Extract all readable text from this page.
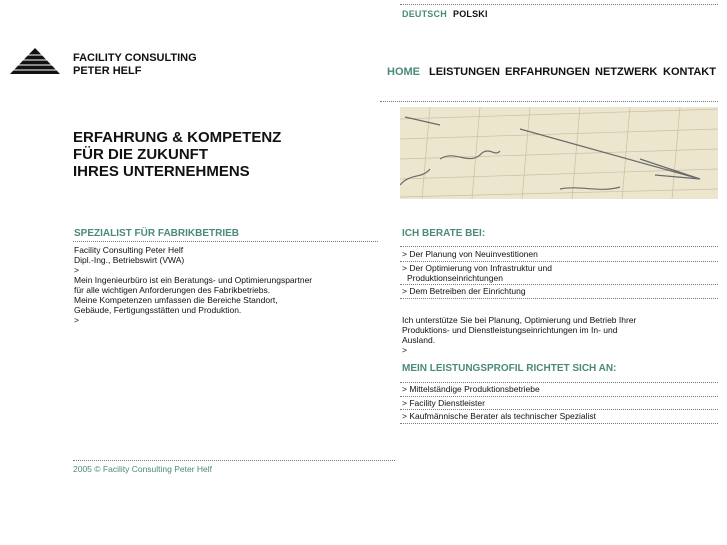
DEUTSCH POLSKI
FACILITY CONSULTING
PETER HELF	HOME LEISTUNGEN ERFAHRUNGEN NETZWERK KONTAKT
ERFAHRUNG & KOMPETENZ
FÜR DIE ZUKUNFT
IHRES UNTERNEHMENS
SPEZIALIST FÜR FABRIKBETRIEB
Facility Consulting Peter Helf
Dipl.-Ing., Betriebswirt (VWA)
>
Mein Ingenieurbüro ist ein Beratungs- und Optimierungspartner
für alle wichtigen Anforderungen des Fabrikbetriebs.
Meine Kompetenzen umfassen die Bereiche Standort,
Gebäude, Fertigungsstätten und Produktion.
>
ICH BERATE BEI:
> Der Planung von Neuinvestitionen
> Der Optimierung von Infrastruktur und
Produktionseinrichtungen
> Dem Betreiben der Einrichtung
Ich unterstütze Sie bei Planung, Optimierung und Betrieb Ihrer
Produktions- und Dienstleistungseinrichtungen im In- und
Ausland.
>
MEIN LEISTUNGSPROFIL RICHTET SICH AN:
> Mittelständige Produktionsbetriebe
> Facility Dienstleister
> Kaufmännische Berater als technischer Spezialist
2005 © Facility Consulting Peter Helf
